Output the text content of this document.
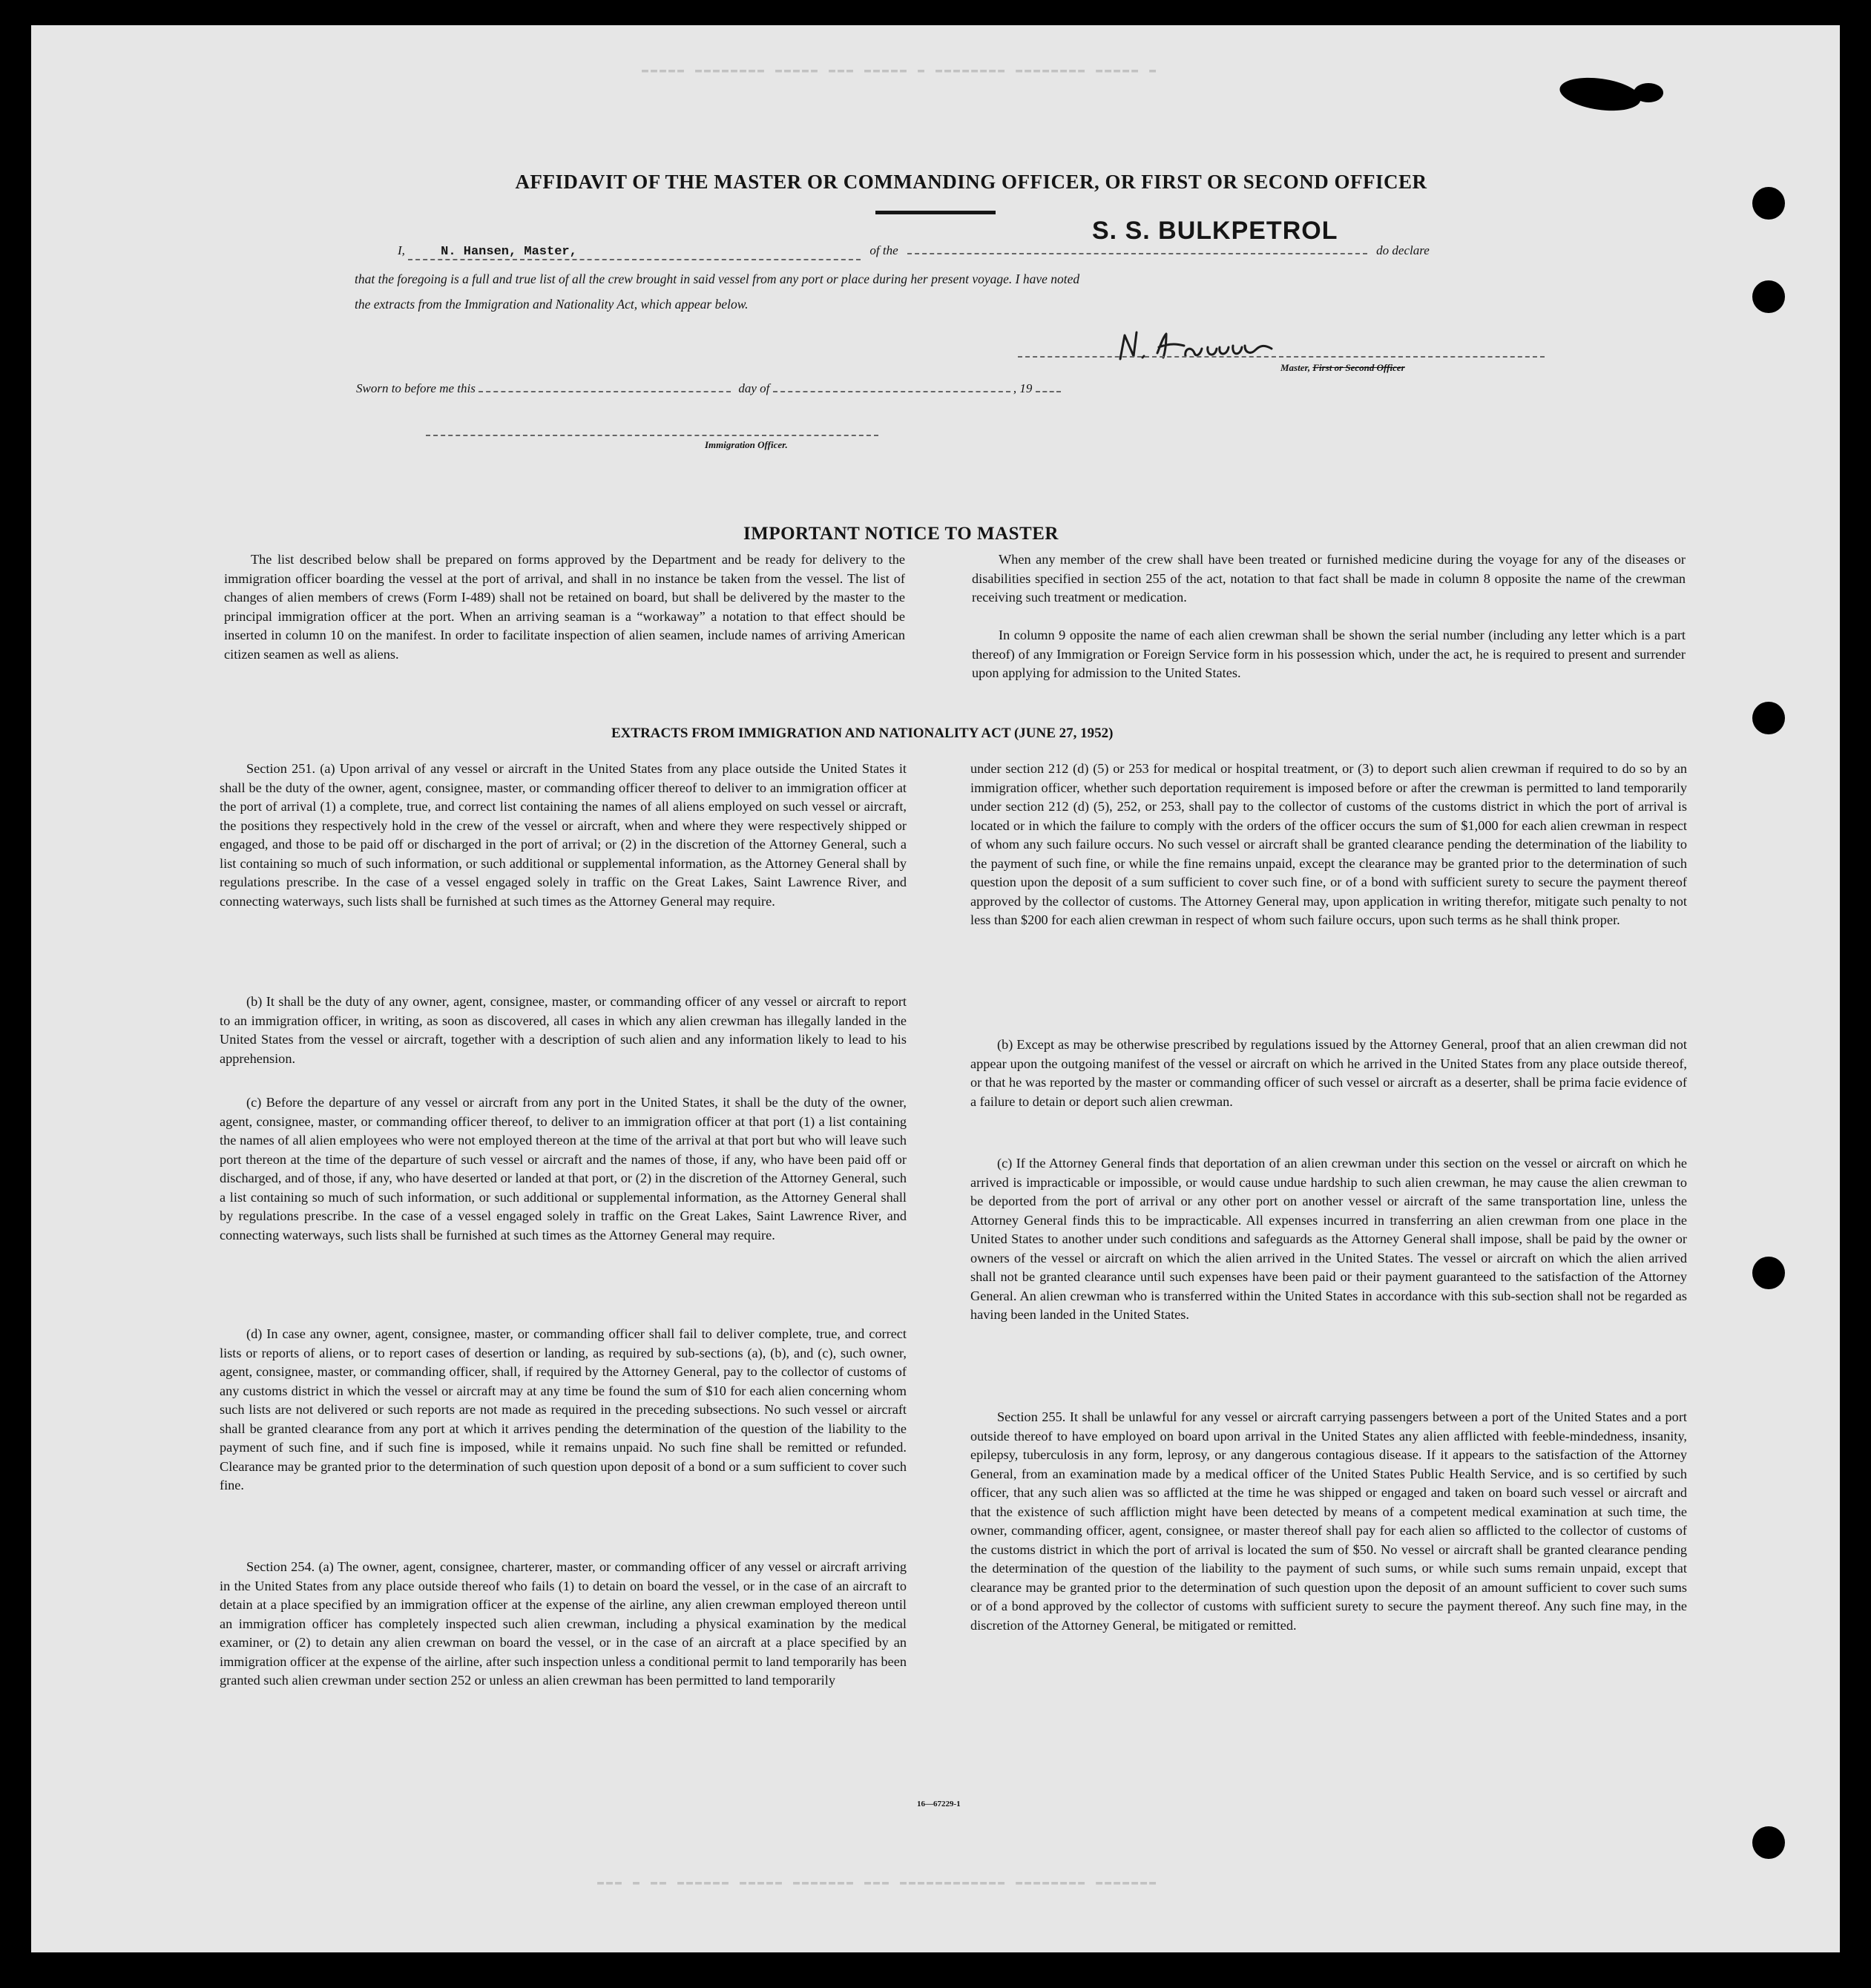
▬ ▬▬▬▬▬ ▬▬▬▬▬▬▬▬ ▬▬▬▬▬▬▬▬ ▬ ▬▬▬▬▬ ▬▬▬ ▬▬▬▬▬ ▬▬▬▬▬▬▬▬ ▬▬▬▬▬
▬▬▬▬▬▬▬ ▬▬▬▬▬▬▬▬ ▬▬▬▬▬▬▬▬▬▬▬▬ ▬▬▬ ▬▬▬▬▬▬▬ ▬▬▬▬▬ ▬▬▬▬▬▬ ▬▬ ▬ ▬▬▬
AFFIDAVIT OF THE MASTER OR COMMANDING OFFICER, OR FIRST OR SECOND OFFICER
S. S. BULKPETROL
I,	N. Hansen, Master,	of the	do declare
that the foregoing is a full and true list of all the crew brought in said vessel from any port or place during her present voyage. I have noted
the extracts from the Immigration and Nationality Act, which appear below.
Master, First or Second Officer
Sworn to before me this	day of	, 19
Immigration Officer.
IMPORTANT NOTICE TO MASTER

The list described below shall be prepared on forms approved by the Department and be ready for delivery to the immigration officer boarding the vessel at the port of arrival, and shall in no instance be taken from the vessel. The list of changes of alien members of crews (Form I-489) shall not be retained on board, but shall be delivered by the master to the principal immigration officer at the port. When an arriving seaman is a “workaway” a notation to that effect should be inserted in column 10 on the manifest. In order to facilitate inspection of alien seamen, include names of arriving American citizen seamen as well as aliens.

When any member of the crew shall have been treated or furnished medicine during the voyage for any of the diseases or disabilities specified in section 255 of the act, notation to that fact shall be made in column 8 opposite the name of the crewman receiving such treatment or medication.

In column 9 opposite the name of each alien crewman shall be shown the serial number (including any letter which is a part thereof) of any Immigration or Foreign Service form in his possession which, under the act, he is required to present and surrender upon applying for admission to the United States.

EXTRACTS FROM IMMIGRATION AND NATIONALITY ACT (JUNE 27, 1952)

Section 251. (a) Upon arrival of any vessel or aircraft in the United States from any place outside the United States it shall be the duty of the owner, agent, consignee, master, or commanding officer thereof to deliver to an immigration officer at the port of arrival (1) a complete, true, and correct list containing the names of all aliens employed on such vessel or aircraft, the positions they respectively hold in the crew of the vessel or aircraft, when and where they were respectively shipped or engaged, and those to be paid off or discharged in the port of arrival; or (2) in the discretion of the Attorney General, such a list containing so much of such information, or such additional or supplemental information, as the Attorney General shall by regulations prescribe. In the case of a vessel engaged solely in traffic on the Great Lakes, Saint Lawrence River, and connecting waterways, such lists shall be furnished at such times as the Attorney General may require.

(b) It shall be the duty of any owner, agent, consignee, master, or commanding officer of any vessel or aircraft to report to an immigration officer, in writing, as soon as discovered, all cases in which any alien crewman has illegally landed in the United States from the vessel or aircraft, together with a description of such alien and any information likely to lead to his apprehension.

(c) Before the departure of any vessel or aircraft from any port in the United States, it shall be the duty of the owner, agent, consignee, master, or commanding officer thereof, to deliver to an immigration officer at that port (1) a list containing the names of all alien employees who were not employed thereon at the time of the arrival at that port but who will leave such port thereon at the time of the departure of such vessel or aircraft and the names of those, if any, who have been paid off or discharged, and of those, if any, who have deserted or landed at that port, or (2) in the discretion of the Attorney General, such a list containing so much of such information, or such additional or supplemental information, as the Attorney General shall by regulations prescribe. In the case of a vessel engaged solely in traffic on the Great Lakes, Saint Lawrence River, and connecting waterways, such lists shall be furnished at such times as the Attorney General may require.

(d) In case any owner, agent, consignee, master, or commanding officer shall fail to deliver complete, true, and correct lists or reports of aliens, or to report cases of desertion or landing, as required by sub-sections (a), (b), and (c), such owner, agent, consignee, master, or commanding officer, shall, if required by the Attorney General, pay to the collector of customs of any customs district in which the vessel or aircraft may at any time be found the sum of $10 for each alien concerning whom such lists are not delivered or such reports are not made as required in the preceding subsections. No such vessel or aircraft shall be granted clearance from any port at which it arrives pending the determination of the question of the liability to the payment of such fine, and if such fine is imposed, while it remains unpaid. No such fine shall be remitted or refunded. Clearance may be granted prior to the determination of such question upon deposit of a bond or a sum sufficient to cover such fine.

Section 254. (a) The owner, agent, consignee, charterer, master, or commanding officer of any vessel or aircraft arriving in the United States from any place outside thereof who fails (1) to detain on board the vessel, or in the case of an aircraft to detain at a place specified by an immigration officer at the expense of the airline, any alien crewman employed thereon until an immigration officer has completely inspected such alien crewman, including a physical examination by the medical examiner, or (2) to detain any alien crewman on board the vessel, or in the case of an aircraft at a place specified by an immigration officer at the expense of the airline, after such inspection unless a conditional permit to land temporarily has been granted such alien crewman under section 252 or unless an alien crewman has been permitted to land temporarily

under section 212 (d) (5) or 253 for medical or hospital treatment, or (3) to deport such alien crewman if required to do so by an immigration officer, whether such deportation requirement is imposed before or after the crewman is permitted to land temporarily under section 212 (d) (5), 252, or 253, shall pay to the collector of customs of the customs district in which the port of arrival is located or in which the failure to comply with the orders of the officer occurs the sum of $1,000 for each alien crewman in respect of whom any such failure occurs. No such vessel or aircraft shall be granted clearance pending the determination of the liability to the payment of such fine, or while the fine remains unpaid, except the clearance may be granted prior to the determination of such question upon the deposit of a sum sufficient to cover such fine, or of a bond with sufficient surety to secure the payment thereof approved by the collector of customs. The Attorney General may, upon application in writing therefor, mitigate such penalty to not less than $200 for each alien crewman in respect of whom such failure occurs, upon such terms as he shall think proper.

(b) Except as may be otherwise prescribed by regulations issued by the Attorney General, proof that an alien crewman did not appear upon the outgoing manifest of the vessel or aircraft on which he arrived in the United States from any place outside thereof, or that he was reported by the master or commanding officer of such vessel or aircraft as a deserter, shall be prima facie evidence of a failure to detain or deport such alien crewman.

(c) If the Attorney General finds that deportation of an alien crewman under this section on the vessel or aircraft on which he arrived is impracticable or impossible, or would cause undue hardship to such alien crewman, he may cause the alien crewman to be deported from the port of arrival or any other port on another vessel or aircraft of the same transportation line, unless the Attorney General finds this to be impracticable. All expenses incurred in transferring an alien crewman from one place in the United States to another under such conditions and safeguards as the Attorney General shall impose, shall be paid by the owner or owners of the vessel or aircraft on which the alien arrived in the United States. The vessel or aircraft on which the alien arrived shall not be granted clearance until such expenses have been paid or their payment guaranteed to the satisfaction of the Attorney General. An alien crewman who is transferred within the United States in accordance with this sub-section shall not be regarded as having been landed in the United States.

Section 255. It shall be unlawful for any vessel or aircraft carrying passengers between a port of the United States and a port outside thereof to have employed on board upon arrival in the United States any alien afflicted with feeble-mindedness, insanity, epilepsy, tuberculosis in any form, leprosy, or any dangerous contagious disease. If it appears to the satisfaction of the Attorney General, from an examination made by a medical officer of the United States Public Health Service, and is so certified by such officer, that any such alien was so afflicted at the time he was shipped or engaged and taken on board such vessel or aircraft and that the existence of such affliction might have been detected by means of a competent medical examination at such time, the owner, commanding officer, agent, consignee, or master thereof shall pay for each alien so afflicted to the collector of customs of the customs district in which the port of arrival is located the sum of $50. No vessel or aircraft shall be granted clearance pending the determination of the question of the liability to the payment of such sums, or while such sums remain unpaid, except that clearance may be granted prior to the determination of such question upon the deposit of an amount sufficient to cover such sums or of a bond approved by the collector of customs with sufficient surety to secure the payment thereof. Any such fine may, in the discretion of the Attorney General, be mitigated or remitted.

16—67229-1
